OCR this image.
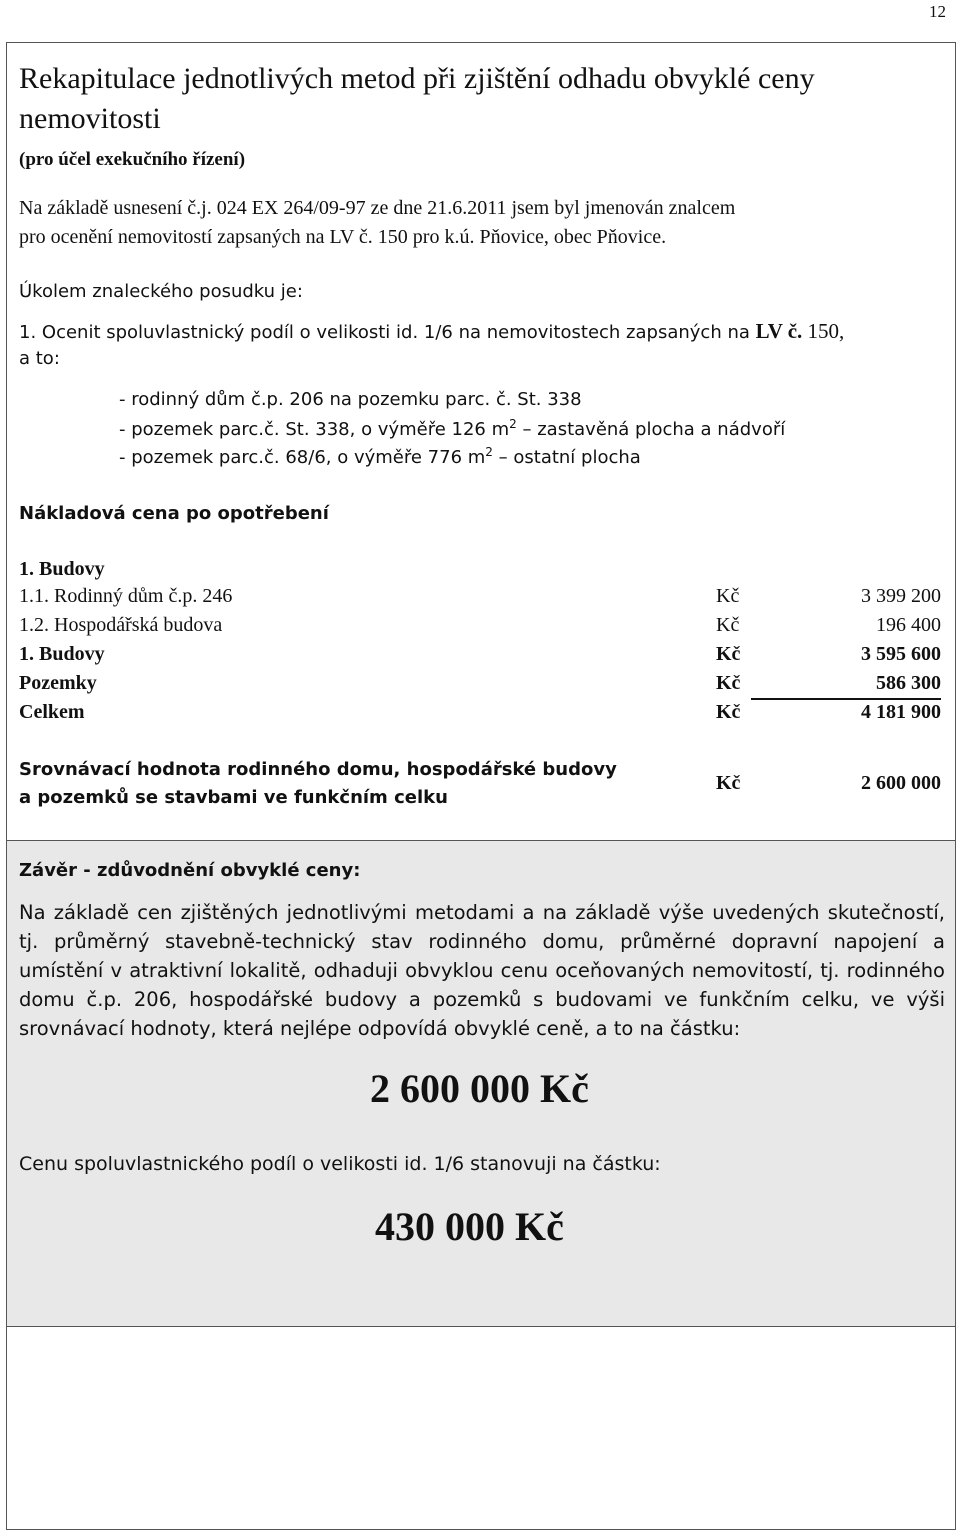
12
Rekapitulace jednotlivých metod při zjištění odhadu obvyklé ceny nemovitosti
(pro účel exekučního řízení)
Na základě usnesení č.j. 024 EX 264/09-97 ze dne 21.6.2011 jsem byl jmenován znalcem
pro ocenění nemovitostí zapsaných na LV č. 150 pro k.ú. Pňovice, obec Pňovice.
Úkolem znaleckého posudku je:
1. Ocenit spoluvlastnický podíl o velikosti id. 1/6 na nemovitostech zapsaných na LV č. 150,
a to:
- rodinný dům č.p. 206 na pozemku parc. č. St. 338
- pozemek parc.č. St. 338, o výměře 126 $m^2$ – zastavěná plocha a nádvoří
- pozemek parc.č. 68/6, o výměře 776 $m^2$ – ostatní plocha
Nákladová cena po opotřebení
1. Budovy
1.1. Rodinný dům č.p. 246	Kč	3 399 200
1.2. Hospodářská budova	Kč	196 400
1. Budovy	Kč	3 595 600
Pozemky	Kč	586 300
Celkem	Kč	4 181 900
Srovnávací hodnota rodinného domu, hospodářské budovy
a pozemků se stavbami ve funkčním celku
Kč	2 600 000
Závěr - zdůvodnění obvyklé ceny:
Na základě cen zjištěných jednotlivými metodami a na základě výše uvedených skutečností, tj. průměrný stavebně-technický stav rodinného domu, průměrné dopravní napojení a umístění v atraktivní lokalitě, odhaduji obvyklou cenu oceňovaných nemovitostí, tj. rodinného domu č.p. 206, hospodářské budovy a pozemků s budovami ve funkčním celku, ve výši srovnávací hodnoty, která nejlépe odpovídá obvyklé ceně, a to na částku:
2 600 000 Kč
Cenu spoluvlastnického podíl o velikosti id. 1/6 stanovuji na částku:
430 000 Kč
